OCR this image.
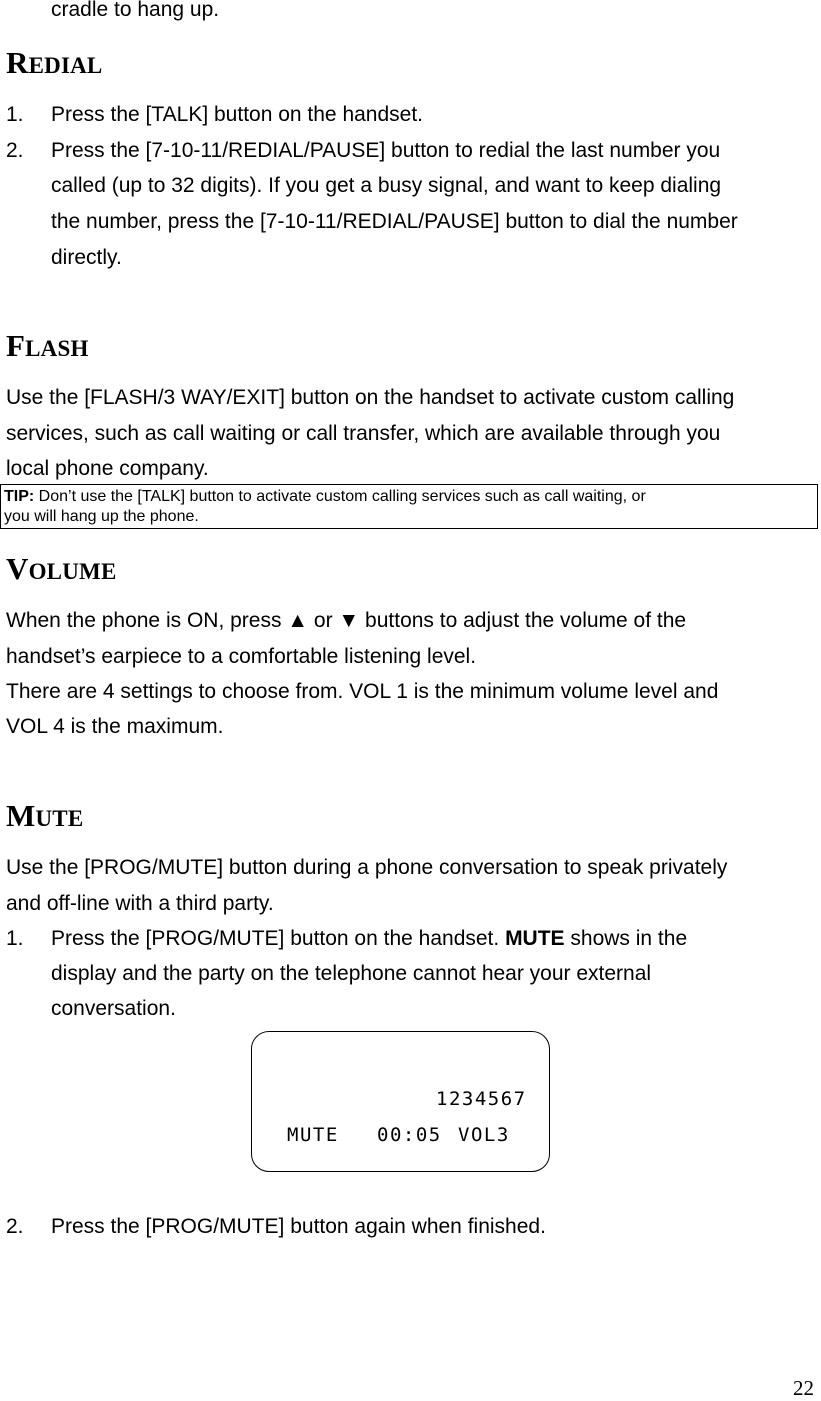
cradle to hang up.
REDIAL
1. Press the [TALK] button on the handset.
2. Press the [7-10-11/REDIAL/PAUSE] button to redial the last number you
called (up to 32 digits). If you get a busy signal, and want to keep dialing
the number, press the [7-10-11/REDIAL/PAUSE] button to dial the number
directly.
FLASH
Use the [FLASH/3 WAY/EXIT] button on the handset to activate custom calling
services, such as call waiting or call transfer, which are available through you
local phone company.
TIP: Don’t use the [TALK] button to activate custom calling services such as call waiting, or
you will hang up the phone.
VOLUME
When the phone is ON, press ▲ or ▼ buttons to adjust the volume of the
handset’s earpiece to a comfortable listening level.
There are 4 settings to choose from. VOL 1 is the minimum volume level and
VOL 4 is the maximum.
MUTE
Use the [PROG/MUTE] button during a phone conversation to speak privately
and off-line with a third party.
1. Press the [PROG/MUTE] button on the handset. MUTE shows in the
display and the party on the telephone cannot hear your external
conversation.
1234567
MUTE 00:05 VOL3
2. Press the [PROG/MUTE] button again when finished.
22
